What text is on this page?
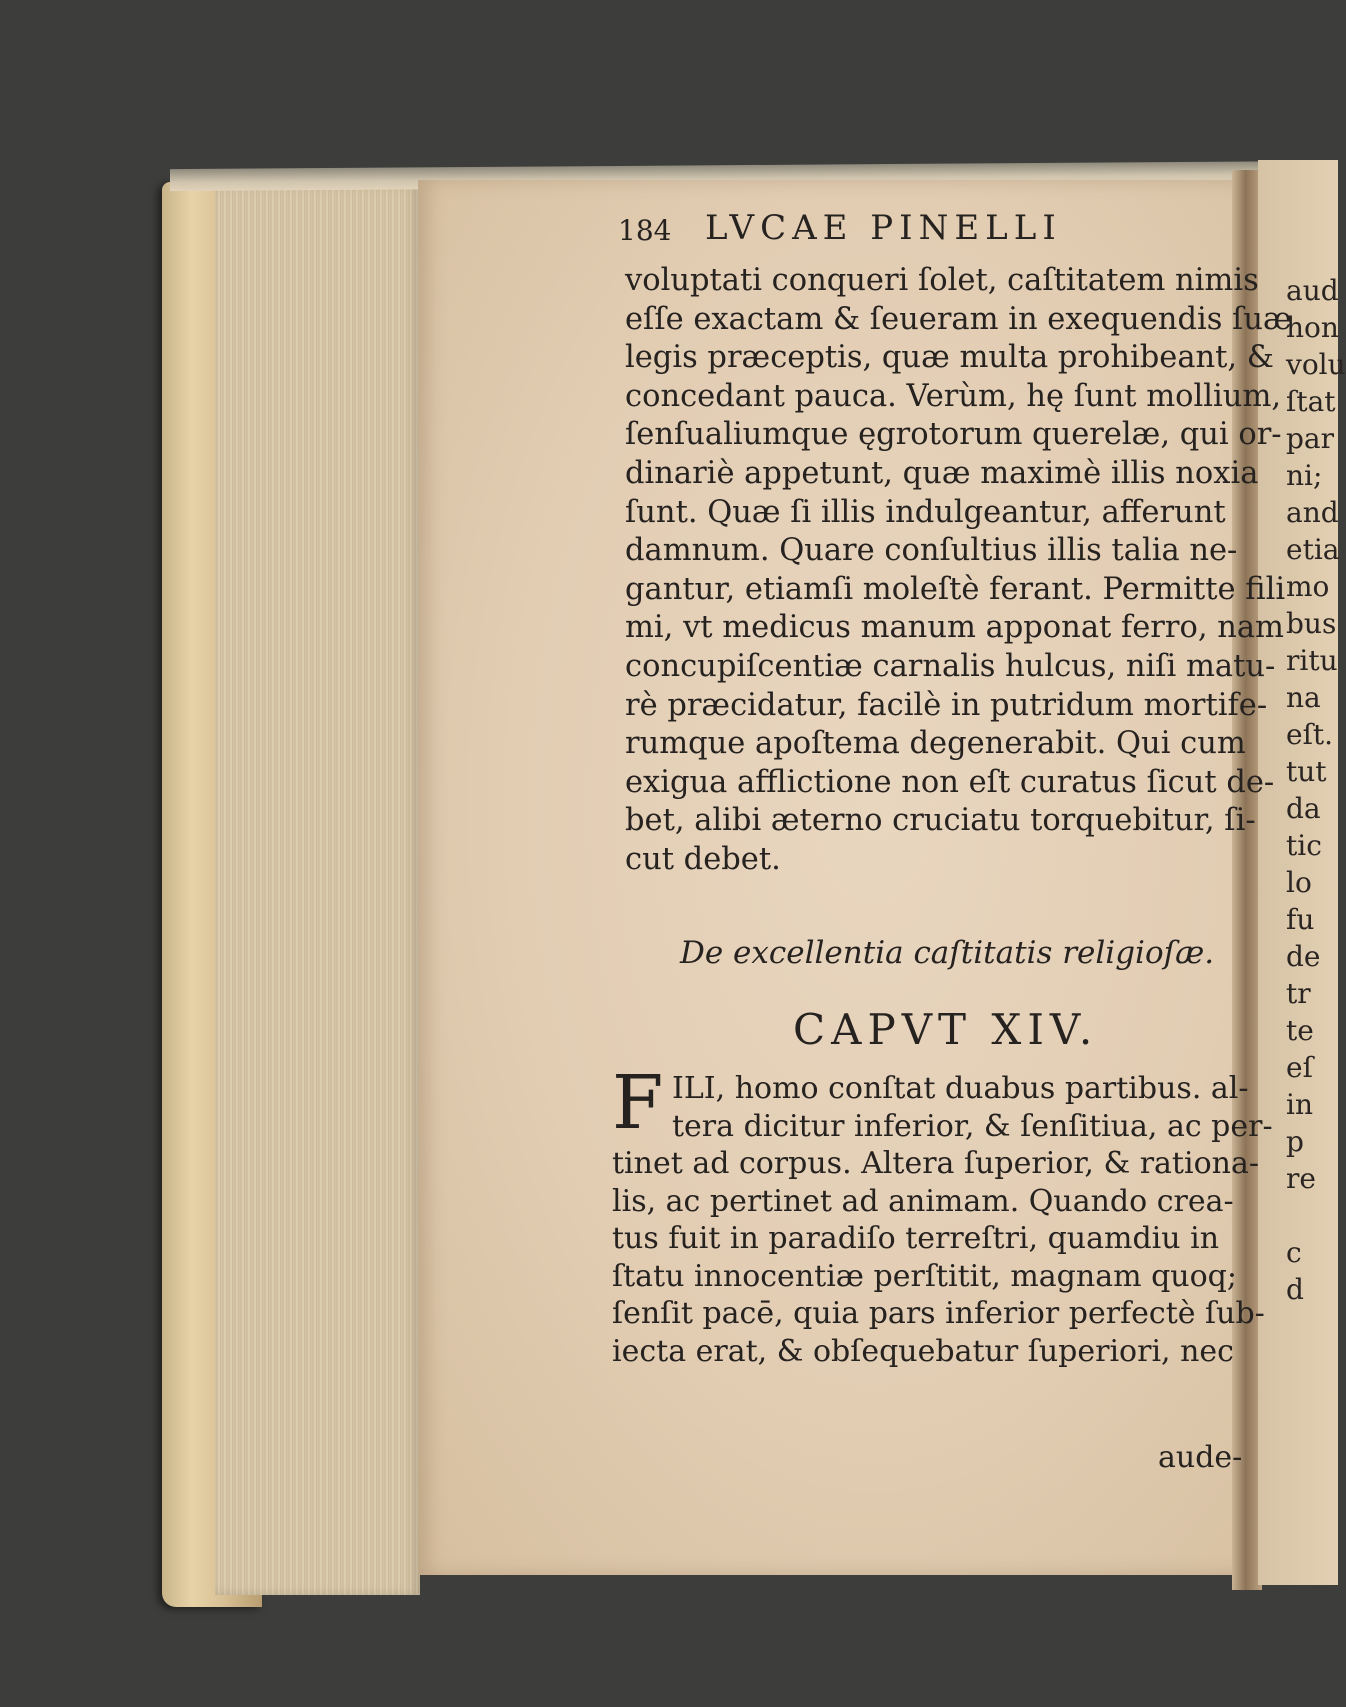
184 LVCAE PINELLI
voluptati conqueri ſolet, caſtitatem nimis
eſſe exactam & ſeueram in exequendis ſuæ
legis præceptis, quæ multa prohibeant, &
concedant pauca. Verùm, hę ſunt mollium,
ſenſualiumque ęgrotorum querelæ, qui or-
dinariè appetunt, quæ maximè illis noxia
ſunt. Quæ ſi illis indulgeantur, afferunt
damnum. Quare conſultius illis talia ne-
gantur, etiamſi moleſtè ferant. Permitte fili
mi, vt medicus manum apponat ferro, nam
concupiſcentiæ carnalis hulcus, niſi matu-
rè præcidatur, facilè in putridum mortife-
rumque apoſtema degenerabit. Qui cum
exigua afflictione non eſt curatus ſicut de-
bet, alibi æterno cruciatu torquebitur, ſi-
cut debet.
De excellentia caſtitatis religioſæ.
CAPVT XIV.
F ILI, homo conſtat duabus partibus. al-
tera dicitur inferior, & ſenſitiua, ac per-
tinet ad corpus. Altera ſuperior, & rationa-
lis, ac pertinet ad animam. Quando crea-
tus fuit in paradiſo terreſtri, quamdiu in
ſtatu innocentiæ perſtitit, magnam quoq;
ſenſit pacē, quia pars inferior perfectè ſub-
iecta erat, & obſequebatur ſuperiori, nec
aude-
aud
hon
volu
ſtat
par
ni;
and
etia
mo
bus
ritu
na
eſt.
tut
da
tic
lo
fu
de
tr
te
eſ
in
p
re
c
d
